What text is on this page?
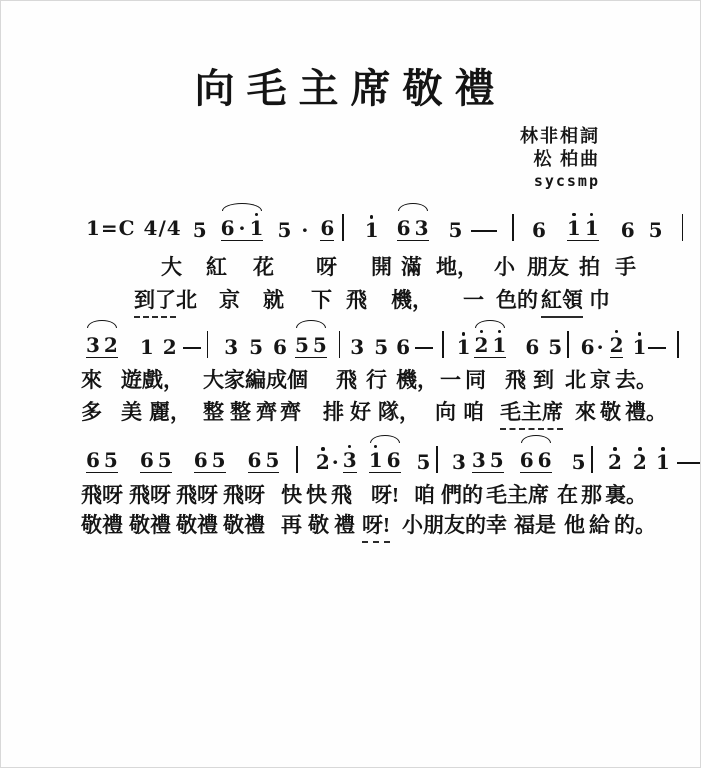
向毛主席敬禮
林非相詞
松 柏曲
sycsmp
1=C 4/4 5 6 · 1 5 · 6 1 6 3 5	6 1 1 6 5
3 2 1 2 3 5 6 5 5 3 5 6 1 2 1 6 5 6 · 2 1
6 5 6 5 6 5 6 5 2 · 3 1 6 5 3 3 5 6 6 5 2 2 1
大 紅 花 呀 開 滿 地， 小 朋友 拍 手
到了 北 京 就 下 飛 機， 一 色的 紅領 巾
來 遊戲， 大家編成個 飛 行 機， 一 同 飛 到 北 京 去。
多 美 麗， 整 整 齊 齊 排 好 隊， 向 咱 毛主席 來 敬 禮。
飛呀 飛呀 飛呀 飛呀 快 快 飛 呀! 咱 們的 毛主席 在 那 裏。
敬禮 敬禮 敬禮 敬禮 再 敬 禮 呀! 小朋友的 幸 福是 他 給 的。
